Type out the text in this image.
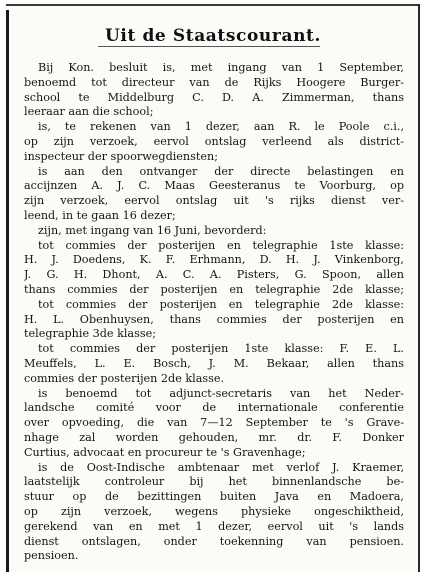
Uit de Staatscourant.
Bij Kon. besluit is, met ingang van 1 September,
benoemd tot directeur van de Rijks Hoogere Burger-
school te Middelburg C. D. A. Zimmerman, thans
leeraar aan die school;
is, te rekenen van 1 dezer, aan R. le Poole c.i.,
op zijn verzoek, eervol ontslag verleend als district-
inspecteur der spoorwegdiensten;
is aan den ontvanger der directe belastingen en
accijnzen A. J. C. Maas Geesteranus te Voorburg, op
zijn verzoek, eervol ontslag uit 's rijks dienst ver-
leend, in te gaan 16 dezer;
zijn, met ingang van 16 Juni, bevorderd:
tot commies der posterijen en telegraphie 1ste klasse:
H. J. Doedens, K. F. Erhmann, D. H. J. Vinkenborg,
J. G. H. Dhont, A. C. A. Pisters, G. Spoon, allen
thans commies der posterijen en telegraphie 2de klasse;
tot commies der posterijen en telegraphie 2de klasse:
H. L. Obenhuysen, thans commies der posterijen en
telegraphie 3de klasse;
tot commies der posterijen 1ste klasse: F. E. L.
Meuffels, L. E. Bosch, J. M. Bekaar, allen thans
commies der posterijen 2de klasse.
is benoemd tot adjunct-secretaris van het Neder-
landsche comité voor de internationale conferentie
over opvoeding, die van 7—12 September te 's Grave-
nhage zal worden gehouden, mr. dr. F. Donker
Curtius, advocaat en procureur te 's Gravenhage;
is de Oost-Indische ambtenaar met verlof J. Kraemer,
laatstelijk controleur bij het binnenlandsche be-
stuur op de bezittingen buiten Java en Madoera,
op zijn verzoek, wegens physieke ongeschiktheid,
gerekend van en met 1 dezer, eervol uit 's lands
dienst ontslagen, onder toekenning van pensioen.
pensioen.
